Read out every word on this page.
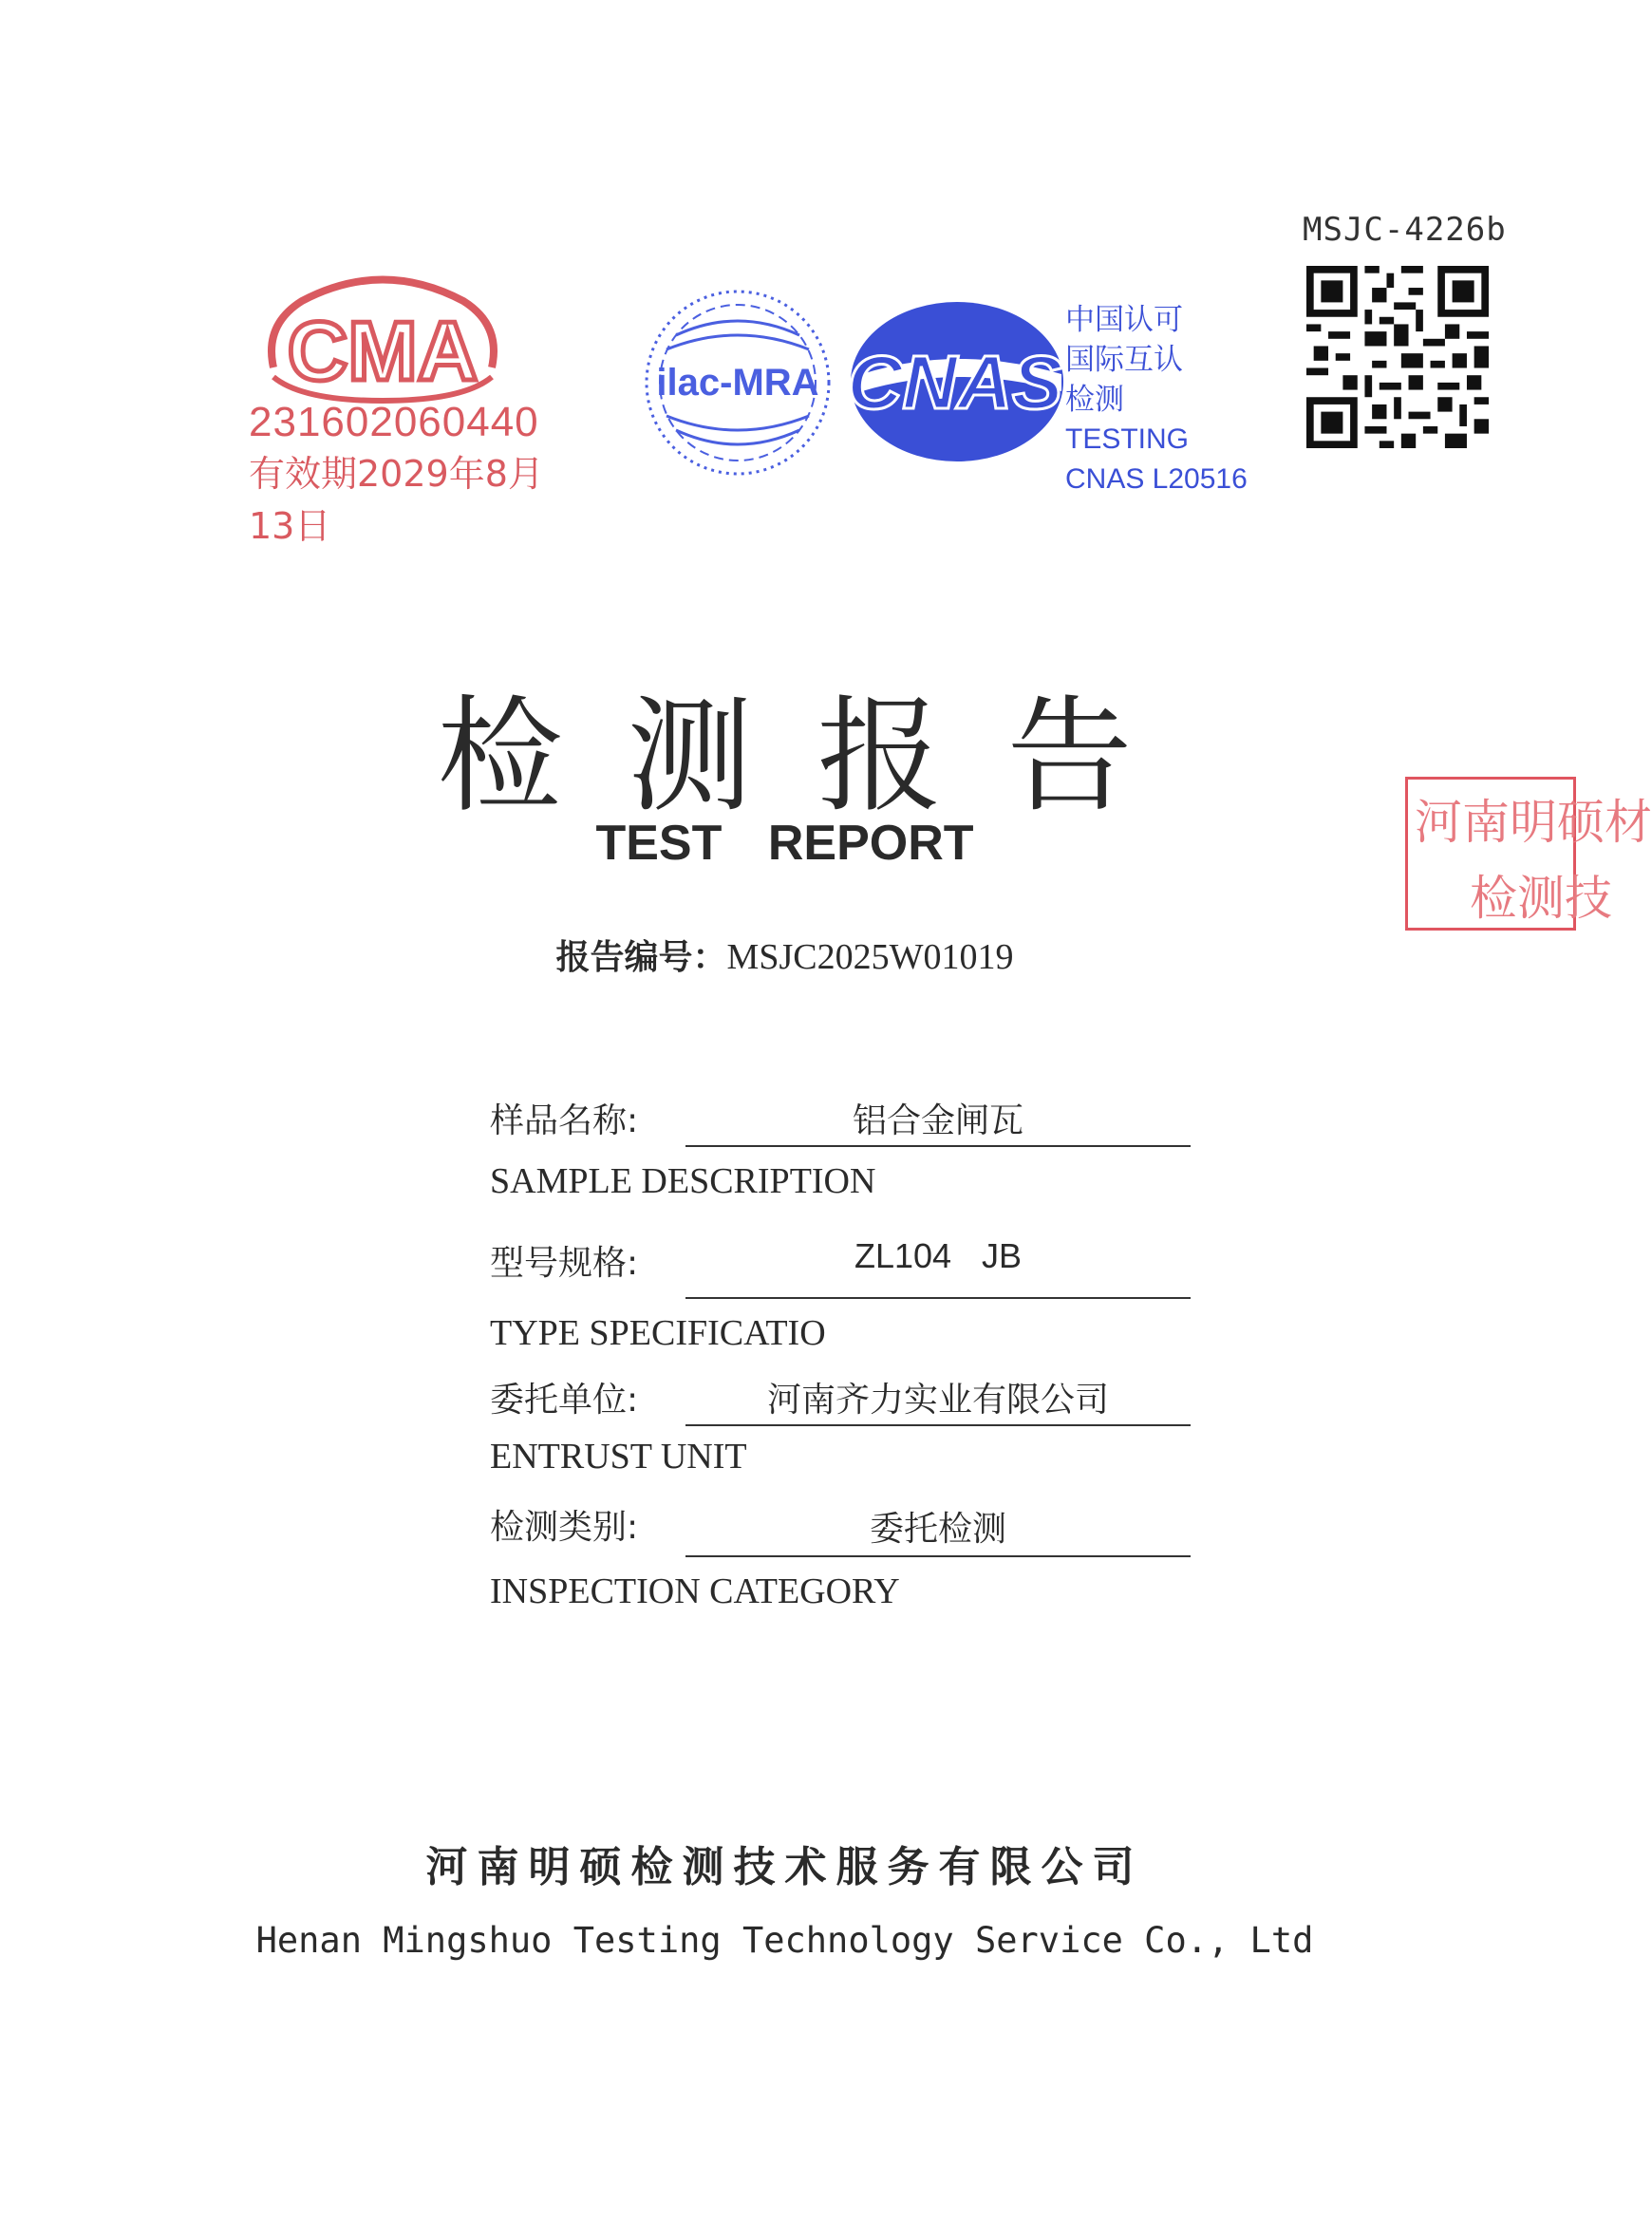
MSJC-4226b
CMA
231602060440
有效期2029年8月13日
ilac-MRA CNAS
中国认可
国际互认
检测
TESTING
CNAS L20516
河南明硕材
检测技
检测报告
TEST REPORT
报告编号：MSJC2025W01019
样品名称:	铝合金闸瓦
SAMPLE DESCRIPTION
型号规格:	ZL104 JB
TYPE SPECIFICATIO
委托单位:	河南齐力实业有限公司
ENTRUST UNIT
检测类别:	委托检测
INSPECTION CATEGORY
河南明硕检测技术服务有限公司
Henan Mingshuo Testing Technology Service Co., Ltd
